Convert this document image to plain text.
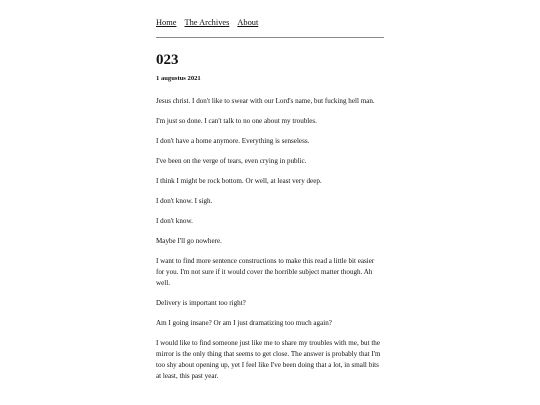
Home The Archives About
023

1 augustus 2021

Jesus christ. I don't like to swear with our Lord's name, but fucking hell man.

I'm just so done. I can't talk to no one about my troubles.

I don't have a home anymore. Everything is senseless.

I've been on the verge of tears, even crying in public.

I think I might be rock bottom. Or well, at least very deep.

I don't know. I sigh.

I don't know.

Maybe I'll go nowhere.

I want to find more sentence constructions to make this read a little bit easier for you. I'm not sure if it would cover the horrible subject matter though. Ah well.

Delivery is important too right?

Am I going insane? Or am I just dramatizing too much again?

I would like to find someone just like me to share my troubles with me, but the mirror is the only thing that seems to get close. The answer is probably that I'm too shy about opening up, yet I feel like I've been doing that a lot, in small bits at least, this past year.
